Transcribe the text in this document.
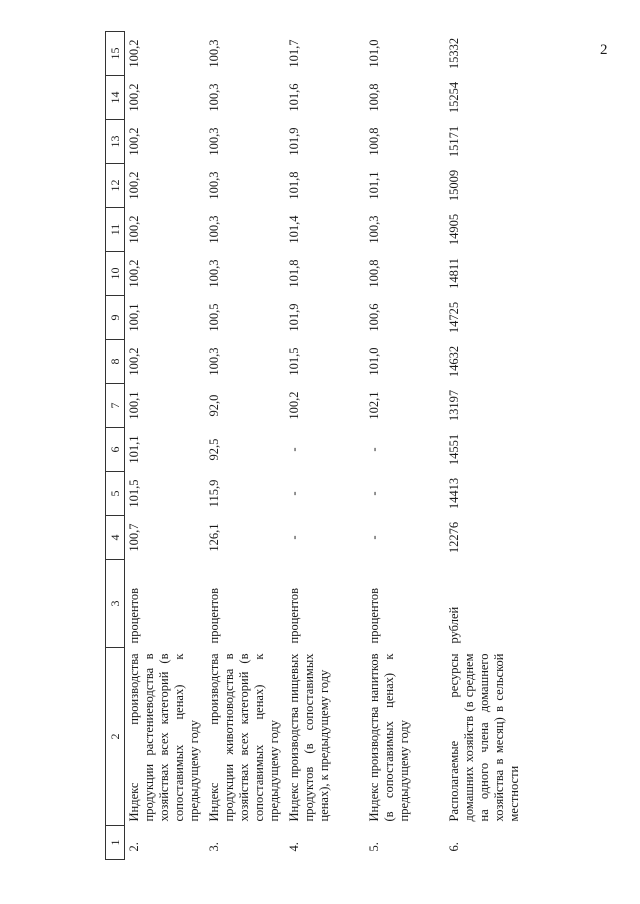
2
1	2	3	4	5	6	7	8	9	10	11	12	13	14	15
2.	Индекс производства продукции растениеводства в хозяйствах всех категорий (в сопоставимых ценах) к предыдущему году	процентов	100,7	101,5	101,1	100,1	100,2	100,1	100,2	100,2	100,2	100,2	100,2	100,2
3.	Индекс производства продукции животноводства в хозяйствах всех категорий (в сопоставимых ценах) к предыдущему году	процентов	126,1	115,9	92,5	92,0	100,3	100,5	100,3	100,3	100,3	100,3	100,3	100,3
4.	Индекс производства пищевых продуктов (в сопоставимых ценах), к предыдущему году	процентов	-	-	-	100,2	101,5	101,9	101,8	101,4	101,8	101,9	101,6	101,7
5.	Индекс производства напитков (в сопоставимых ценах) к предыдущему году	процентов	-	-	-	102,1	101,0	100,6	100,8	100,3	101,1	100,8	100,8	101,0
6.	Располагаемые ресурсы домашних хозяйств (в среднем на одного члена домашнего хозяйства в месяц) в сельской местности	рублей	12276	14413	14551	13197	14632	14725	14811	14905	15009	15171	15254	15332
